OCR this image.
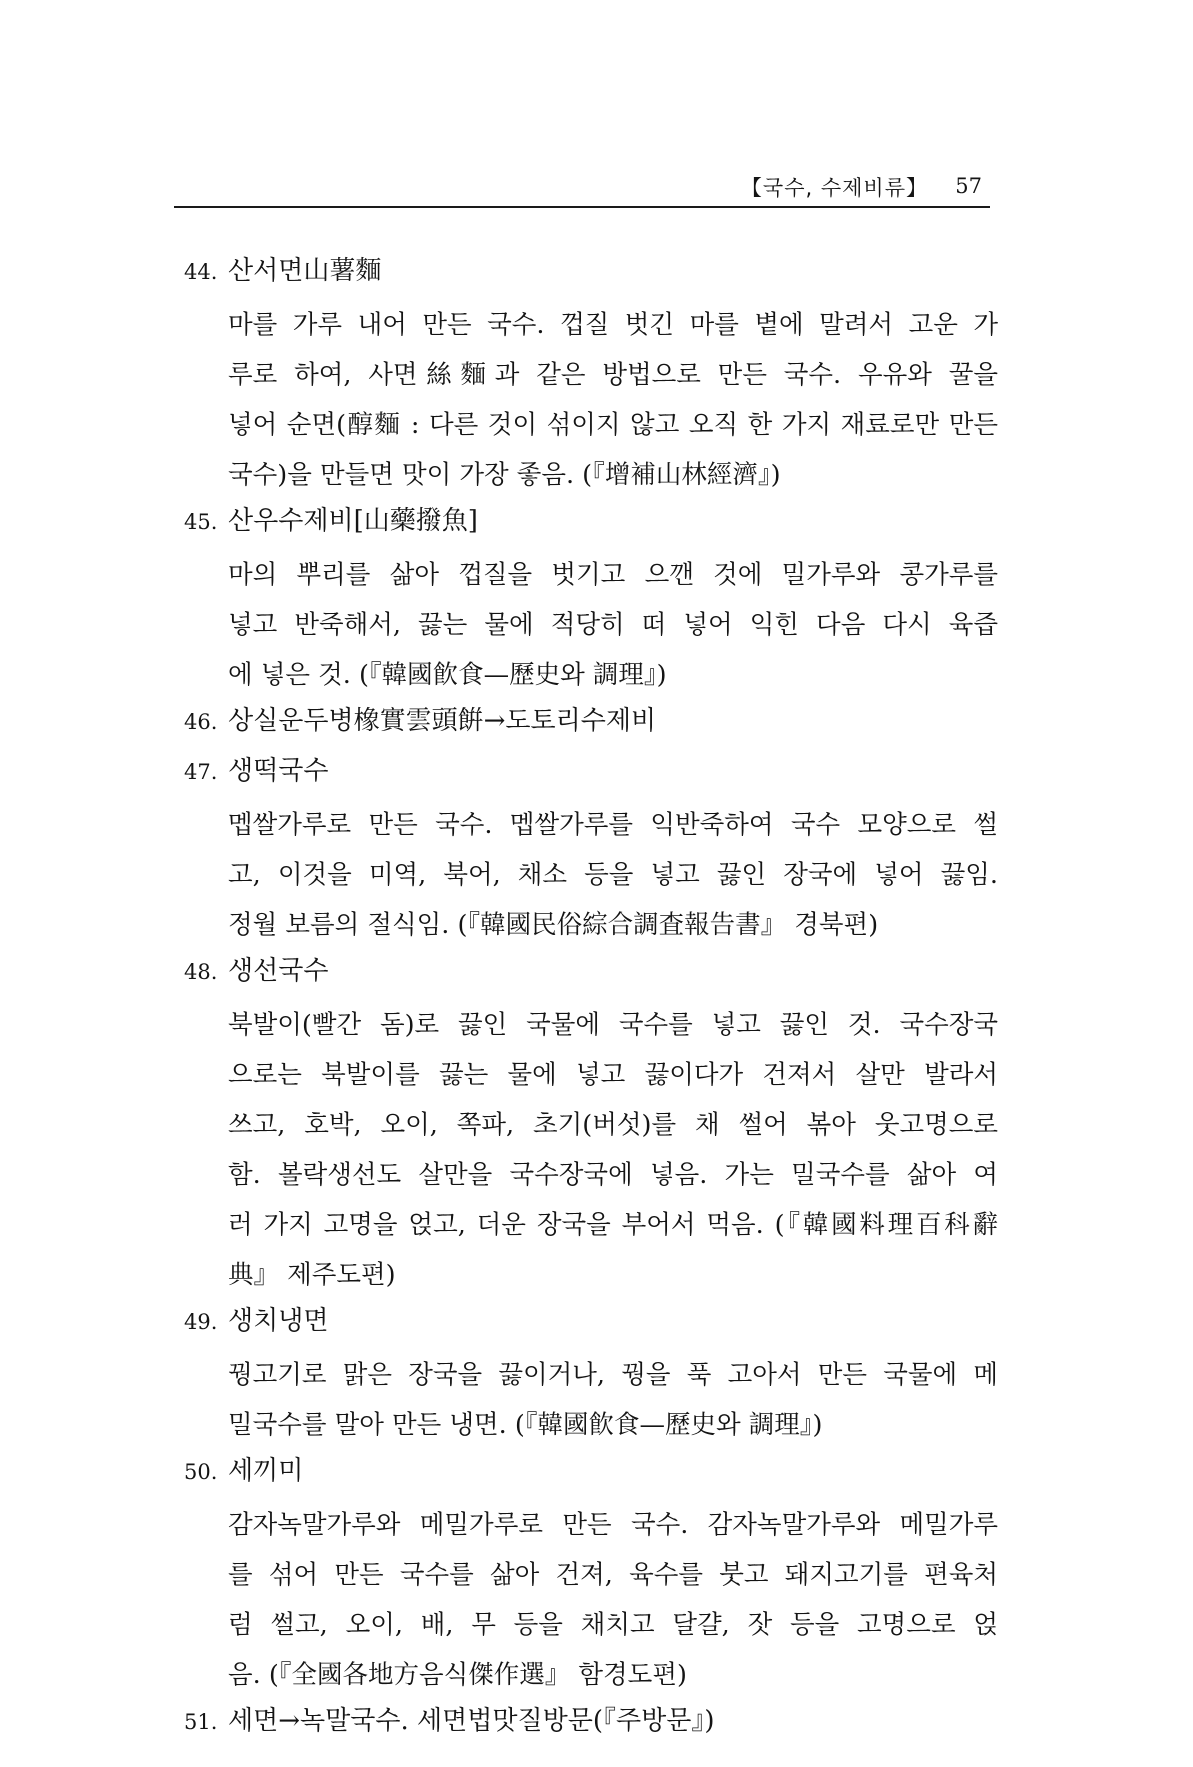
【국수, 수제비류】 57
44. 산서면山薯麵
마를 가루 내어 만든 국수. 껍질 벗긴 마를 볕에 말려서 고운 가
루로 하여, 사면絲麵과 같은 방법으로 만든 국수. 우유와 꿀을
넣어 순면(醇麵 : 다른 것이 섞이지 않고 오직 한 가지 재료로만 만든
국수)을 만들면 맛이 가장 좋음. (『增補山林經濟』)
45. 산우수제비[山藥撥魚]
마의 뿌리를 삶아 껍질을 벗기고 으깬 것에 밀가루와 콩가루를
넣고 반죽해서, 끓는 물에 적당히 떠 넣어 익힌 다음 다시 육즙
에 넣은 것. (『韓國飮食—歷史와 調理』)
46. 상실운두병橡實雲頭餠→도토리수제비
47. 생떡국수
멥쌀가루로 만든 국수. 멥쌀가루를 익반죽하여 국수 모양으로 썰
고, 이것을 미역, 북어, 채소 등을 넣고 끓인 장국에 넣어 끓임.
정월 보름의 절식임. (『韓國民俗綜合調査報告書』 경북편)
48. 생선국수
북발이(빨간 돔)로 끓인 국물에 국수를 넣고 끓인 것. 국수장국
으로는 북발이를 끓는 물에 넣고 끓이다가 건져서 살만 발라서
쓰고, 호박, 오이, 쪽파, 초기(버섯)를 채 썰어 볶아 웃고명으로
함. 볼락생선도 살만을 국수장국에 넣음. 가는 밀국수를 삶아 여
러 가지 고명을 얹고, 더운 장국을 부어서 먹음. (『韓國料理百科辭
典』 제주도편)
49. 생치냉면
꿩고기로 맑은 장국을 끓이거나, 꿩을 푹 고아서 만든 국물에 메
밀국수를 말아 만든 냉면. (『韓國飮食—歷史와 調理』)
50. 세끼미
감자녹말가루와 메밀가루로 만든 국수. 감자녹말가루와 메밀가루
를 섞어 만든 국수를 삶아 건져, 육수를 붓고 돼지고기를 편육처
럼 썰고, 오이, 배, 무 등을 채치고 달걀, 잣 등을 고명으로 얹
음. (『全國各地方음식傑作選』 함경도편)
51. 세면→녹말국수. 세면법맛질방문(『주방문』)
